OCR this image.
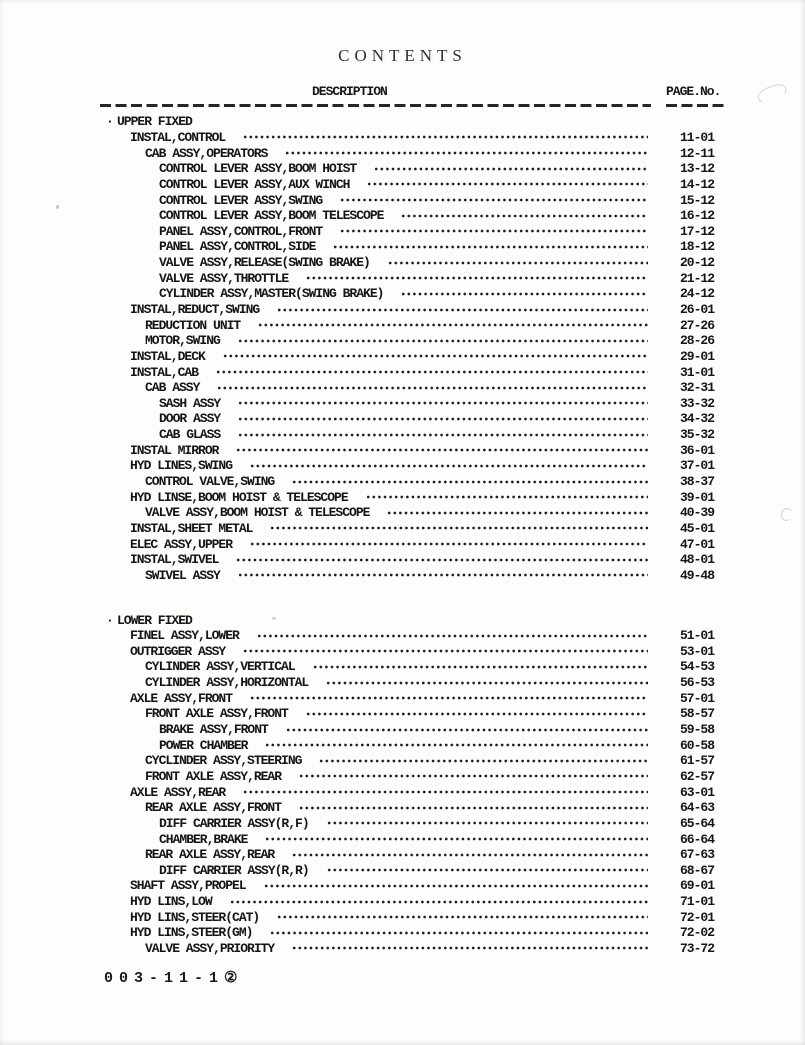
CONTENTS
DESCRIPTION	PAGE.No.
· UPPER FIXED
INSTAL,CONTROL	11-01
CAB ASSY,OPERATORS	12-11
CONTROL LEVER ASSY,BOOM HOIST	13-12
CONTROL LEVER ASSY,AUX WINCH	14-12
CONTROL LEVER ASSY,SWING	15-12
CONTROL LEVER ASSY,BOOM TELESCOPE	16-12
PANEL ASSY,CONTROL,FRONT	17-12
PANEL ASSY,CONTROL,SIDE	18-12
VALVE ASSY,RELEASE(SWING BRAKE)	20-12
VALVE ASSY,THROTTLE	21-12
CYLINDER ASSY,MASTER(SWING BRAKE)	24-12
INSTAL,REDUCT,SWING	26-01
REDUCTION UNIT	27-26
MOTOR,SWING	28-26
INSTAL,DECK	29-01
INSTAL,CAB	31-01
CAB ASSY	32-31
SASH ASSY	33-32
DOOR ASSY	34-32
CAB GLASS	35-32
INSTAL MIRROR	36-01
HYD LINES,SWING	37-01
CONTROL VALVE,SWING	38-37
HYD LINSE,BOOM HOIST & TELESCOPE	39-01
VALVE ASSY,BOOM HOIST & TELESCOPE	40-39
INSTAL,SHEET METAL	45-01
ELEC ASSY,UPPER	47-01
INSTAL,SWIVEL	48-01
SWIVEL ASSY	49-48
· LOWER FIXED
FINEL ASSY,LOWER	51-01
OUTRIGGER ASSY	53-01
CYLINDER ASSY,VERTICAL	54-53
CYLINDER ASSY,HORIZONTAL	56-53
AXLE ASSY,FRONT	57-01
FRONT AXLE ASSY,FRONT	58-57
BRAKE ASSY,FRONT	59-58
POWER CHAMBER	60-58
CYCLINDER ASSY,STEERING	61-57
FRONT AXLE ASSY,REAR	62-57
AXLE ASSY,REAR	63-01
REAR AXLE ASSY,FRONT	64-63
DIFF CARRIER ASSY(R,F)	65-64
CHAMBER,BRAKE	66-64
REAR AXLE ASSY,REAR	67-63
DIFF CARRIER ASSY(R,R)	68-67
SHAFT ASSY,PROPEL	69-01
HYD LINS,LOW	71-01
HYD LINS,STEER(CAT)	72-01
HYD LINS,STEER(GM)	72-02
VALVE ASSY,PRIORITY	73-72
003-11-1②
